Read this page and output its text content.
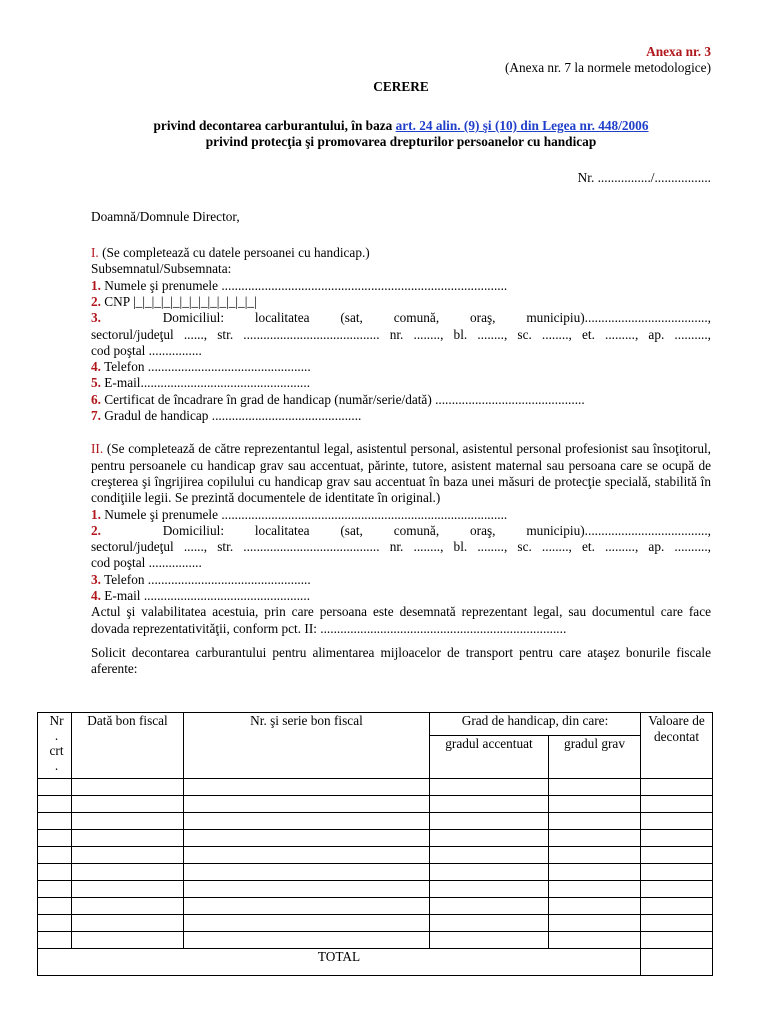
Anexa nr. 3

(Anexa nr. 7 la normele metodologice)

CERERE

privind decontarea carburantului, în baza art. 24 alin. (9) şi (10) din Legea nr. 448/2006

privind protecţia şi promovarea drepturilor persoanelor cu handicap

Nr. ................/.................

Doamnă/Domnule Director,

I. (Se completează cu datele persoanei cu handicap.)

Subsemnatul/Subsemnata:

1. Numele şi prenumele ......................................................................................

2. CNP |_|_|_|_|_|_|_|_|_|_|_|_|_|

3.	Domiciliul: localitatea (sat, comună, oraş, municipiu).....................................,

sectorul/judeţul ......, str. ......................................... nr. ........, bl. ........, sc. ........, et. ........., ap. ..........,

cod poştal ................

4. Telefon .................................................

5. E-mail...................................................

6. Certificat de încadrare în grad de handicap (număr/serie/dată) .............................................

7. Gradul de handicap .............................................

II. (Se completează de către reprezentantul legal, asistentul personal, asistentul personal profesionist sau însoţitorul, pentru persoanele cu handicap grav sau accentuat, părinte, tutore, asistent maternal sau persoana care se ocupă de creşterea şi îngrijirea copilului cu handicap grav sau accentuat în baza unei măsuri de protecţie specială, stabilită în condiţiile legii. Se prezintă documentele de identitate în original.)

1. Numele şi prenumele ......................................................................................

2.	Domiciliul: localitatea (sat, comună, oraş, municipiu).....................................,

sectorul/judeţul ......, str. ......................................... nr. ........, bl. ........, sc. ........, et. ........., ap. ..........,

cod poştal ................

3. Telefon .................................................

4. E-mail ..................................................

Actul şi valabilitatea acestuia, prin care persoana este desemnată reprezentant legal, sau documentul care face dovada reprezentativităţii, conform pct. II: ..........................................................................

Solicit decontarea carburantului pentru alimentarea mijloacelor de transport pentru care ataşez bonurile fiscale aferente:

Nr
.
crt
.	Dată bon fiscal	Nr. şi serie bon fiscal	Grad de handicap, din care:		Valoare de decontat
			gradul accentuat	gradul grav	

TOTAL					
